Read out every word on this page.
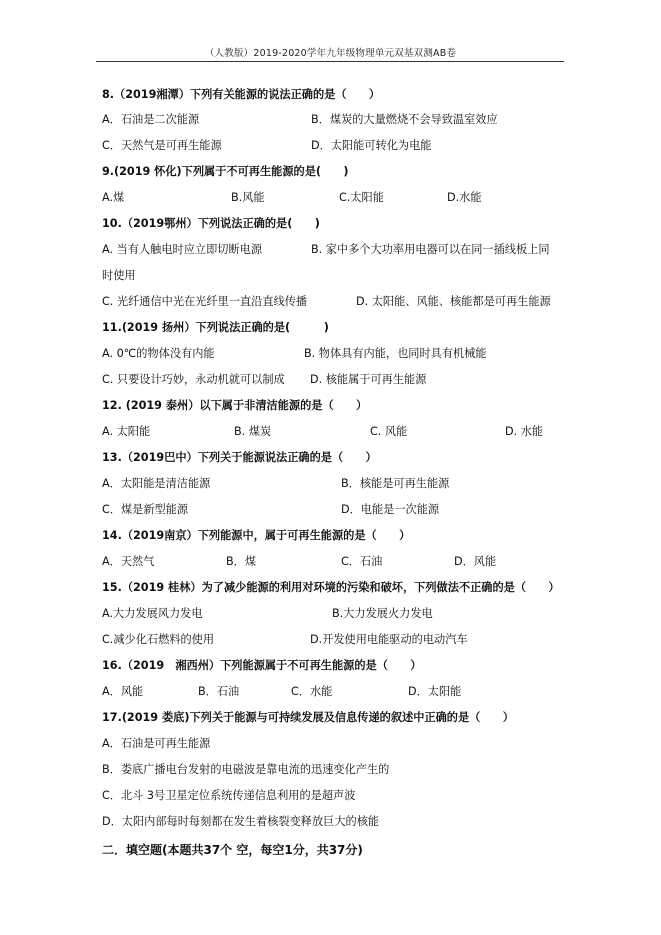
（人教版）2019-2020学年九年级物理单元双基双测AB卷
8.（2019湘潭）下列有关能源的说法正确的是（　　）
A．石油是二次能源	B．煤炭的大量燃烧不会导致温室效应
C．天然气是可再生能源	D．太阳能可转化为电能
9.(2019 怀化)下列属于不可再生能源的是(　　)
A.煤	B.风能	C.太阳能	D.水能
10.（2019鄂州）下列说法正确的是(　　)
A. 当有人触电时应立即切断电源	B. 家中多个大功率用电器可以在同一插线板上同
时使用
C. 光纤通信中光在光纤里一直沿直线传播	D. 太阳能、风能、核能都是可再生能源
11.(2019 扬州）下列说法正确的是(　　　)
A. 0℃的物体没有内能	B. 物体具有内能，也同时具有机械能
C. 只要设计巧妙，永动机就可以制成 D. 核能属于可再生能源
12. (2019 泰州）以下属于非清洁能源的是（　　）
A. 太阳能	B. 煤炭	C. 风能	D. 水能
13.（2019巴中）下列关于能源说法正确的是（　　）
A．太阳能是清洁能源	B．核能是可再生能源
C．煤是新型能源	D．电能是一次能源
14.（2019南京）下列能源中，属于可再生能源的是（　　）
A．天然气	B．煤	C．石油	D．风能
15.（2019 桂林）为了减少能源的利用对环境的污染和破坏，下列做法不正确的是（　　）
A.大力发展风力发电	B.大力发展火力发电
C.减少化石燃料的使用	D.开发使用电能驱动的电动汽车
16.（2019　湘西州）下列能源属于不可再生能源的是（　　）
A．风能	B．石油	C．水能	D．太阳能
17.(2019 娄底)下列关于能源与可持续发展及信息传递的叙述中正确的是（　　）
A．石油是可再生能源
B．娄底广播电台发射的电磁波是靠电流的迅速变化产生的
C．北斗 3号卫星定位系统传递信息利用的是超声波
D．太阳内部每时每刻都在发生着核裂变释放巨大的核能
二．填空题(本题共37个 空，每空1分，共37分)
